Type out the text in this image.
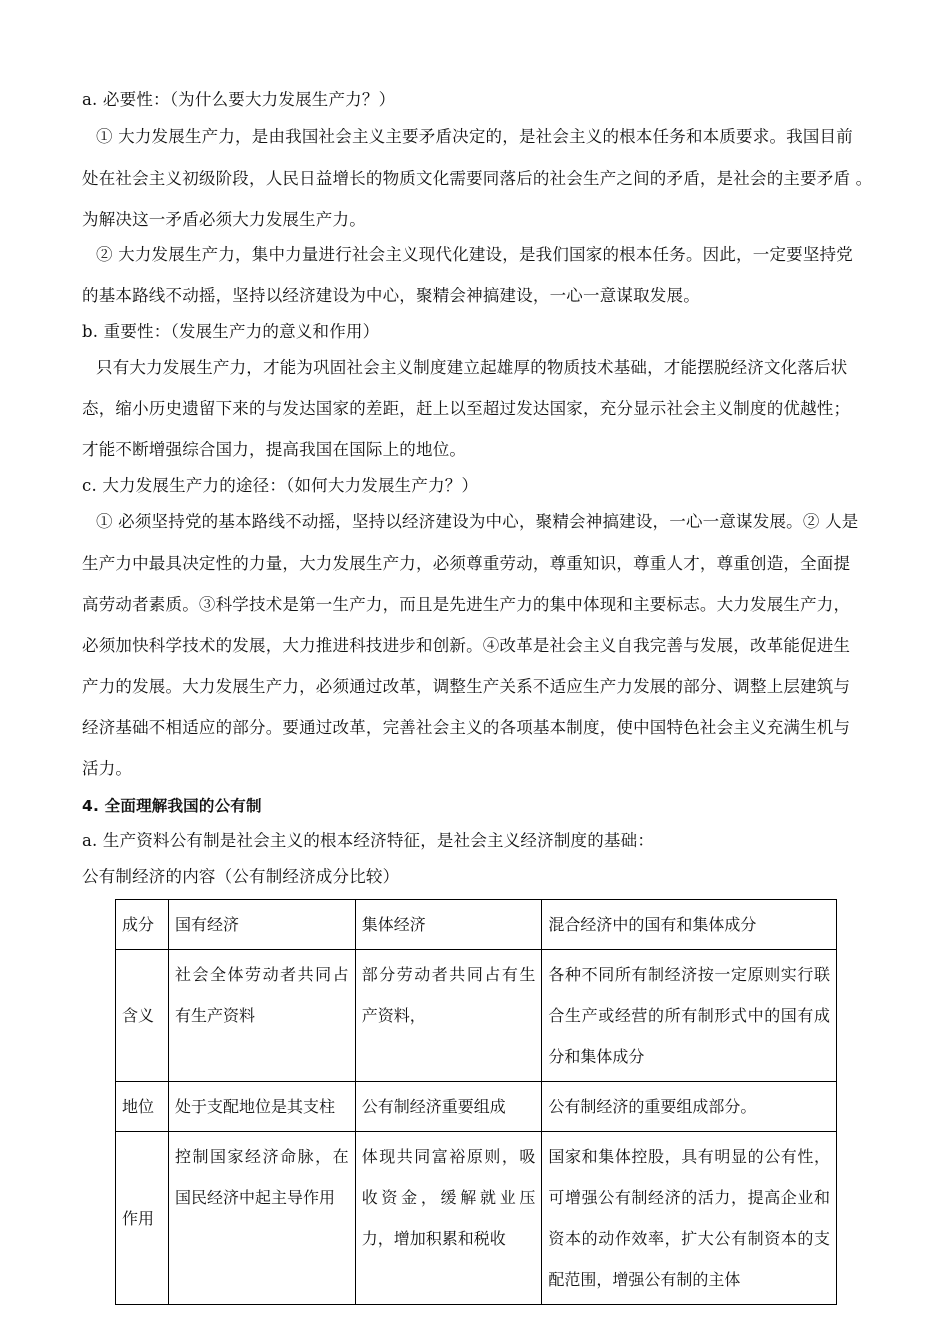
a. 必要性：（为什么要大力发展生产力？）
① 大力发展生产力，是由我国社会主义主要矛盾决定的，是社会主义的根本任务和本质要求。我国目前
处在社会主义初级阶段，人民日益增长的物质文化需要同落后的社会生产之间的矛盾，是社会的主要矛盾 。
为解决这一矛盾必须大力发展生产力。
② 大力发展生产力，集中力量进行社会主义现代化建设，是我们国家的根本任务。因此，一定要坚持党
的基本路线不动摇，坚持以经济建设为中心，聚精会神搞建设，一心一意谋取发展。
b. 重要性：（发展生产力的意义和作用）
只有大力发展生产力，才能为巩固社会主义制度建立起雄厚的物质技术基础，才能摆脱经济文化落后状
态，缩小历史遗留下来的与发达国家的差距，赶上以至超过发达国家，充分显示社会主义制度的优越性；
才能不断增强综合国力，提高我国在国际上的地位。
c. 大力发展生产力的途径：（如何大力发展生产力？）
① 必须坚持党的基本路线不动摇，坚持以经济建设为中心，聚精会神搞建设，一心一意谋发展。② 人是
生产力中最具决定性的力量，大力发展生产力，必须尊重劳动，尊重知识，尊重人才，尊重创造，全面提
高劳动者素质。③科学技术是第一生产力，而且是先进生产力的集中体现和主要标志。大力发展生产力，
必须加快科学技术的发展，大力推进科技进步和创新。④改革是社会主义自我完善与发展，改革能促进生
产力的发展。大力发展生产力，必须通过改革，调整生产关系不适应生产力发展的部分、调整上层建筑与
经济基础不相适应的部分。要通过改革，完善社会主义的各项基本制度，使中国特色社会主义充满生机与
活力。
4. 全面理解我国的公有制
a. 生产资料公有制是社会主义的根本经济特征，是社会主义经济制度的基础：
公有制经济的内容（公有制经济成分比较）
成分	国有经济	集体经济	混合经济中的国有和集体成分
含义	社会全体劳动者共同占有生产资料	部分劳动者共同占有生产资料，	各种不同所有制经济按一定原则实行联合生产或经营的所有制形式中的国有成分和集体成分
地位	处于支配地位是其支柱	公有制经济重要组成	公有制经济的重要组成部分。
作用	控制国家经济命脉，在国民经济中起主导作用	体现共同富裕原则，吸收资金，缓解就业压力，增加积累和税收	国家和集体控股，具有明显的公有性，可增强公有制经济的活力，提高企业和资本的动作效率，扩大公有制资本的支配范围，增强公有制的主体
